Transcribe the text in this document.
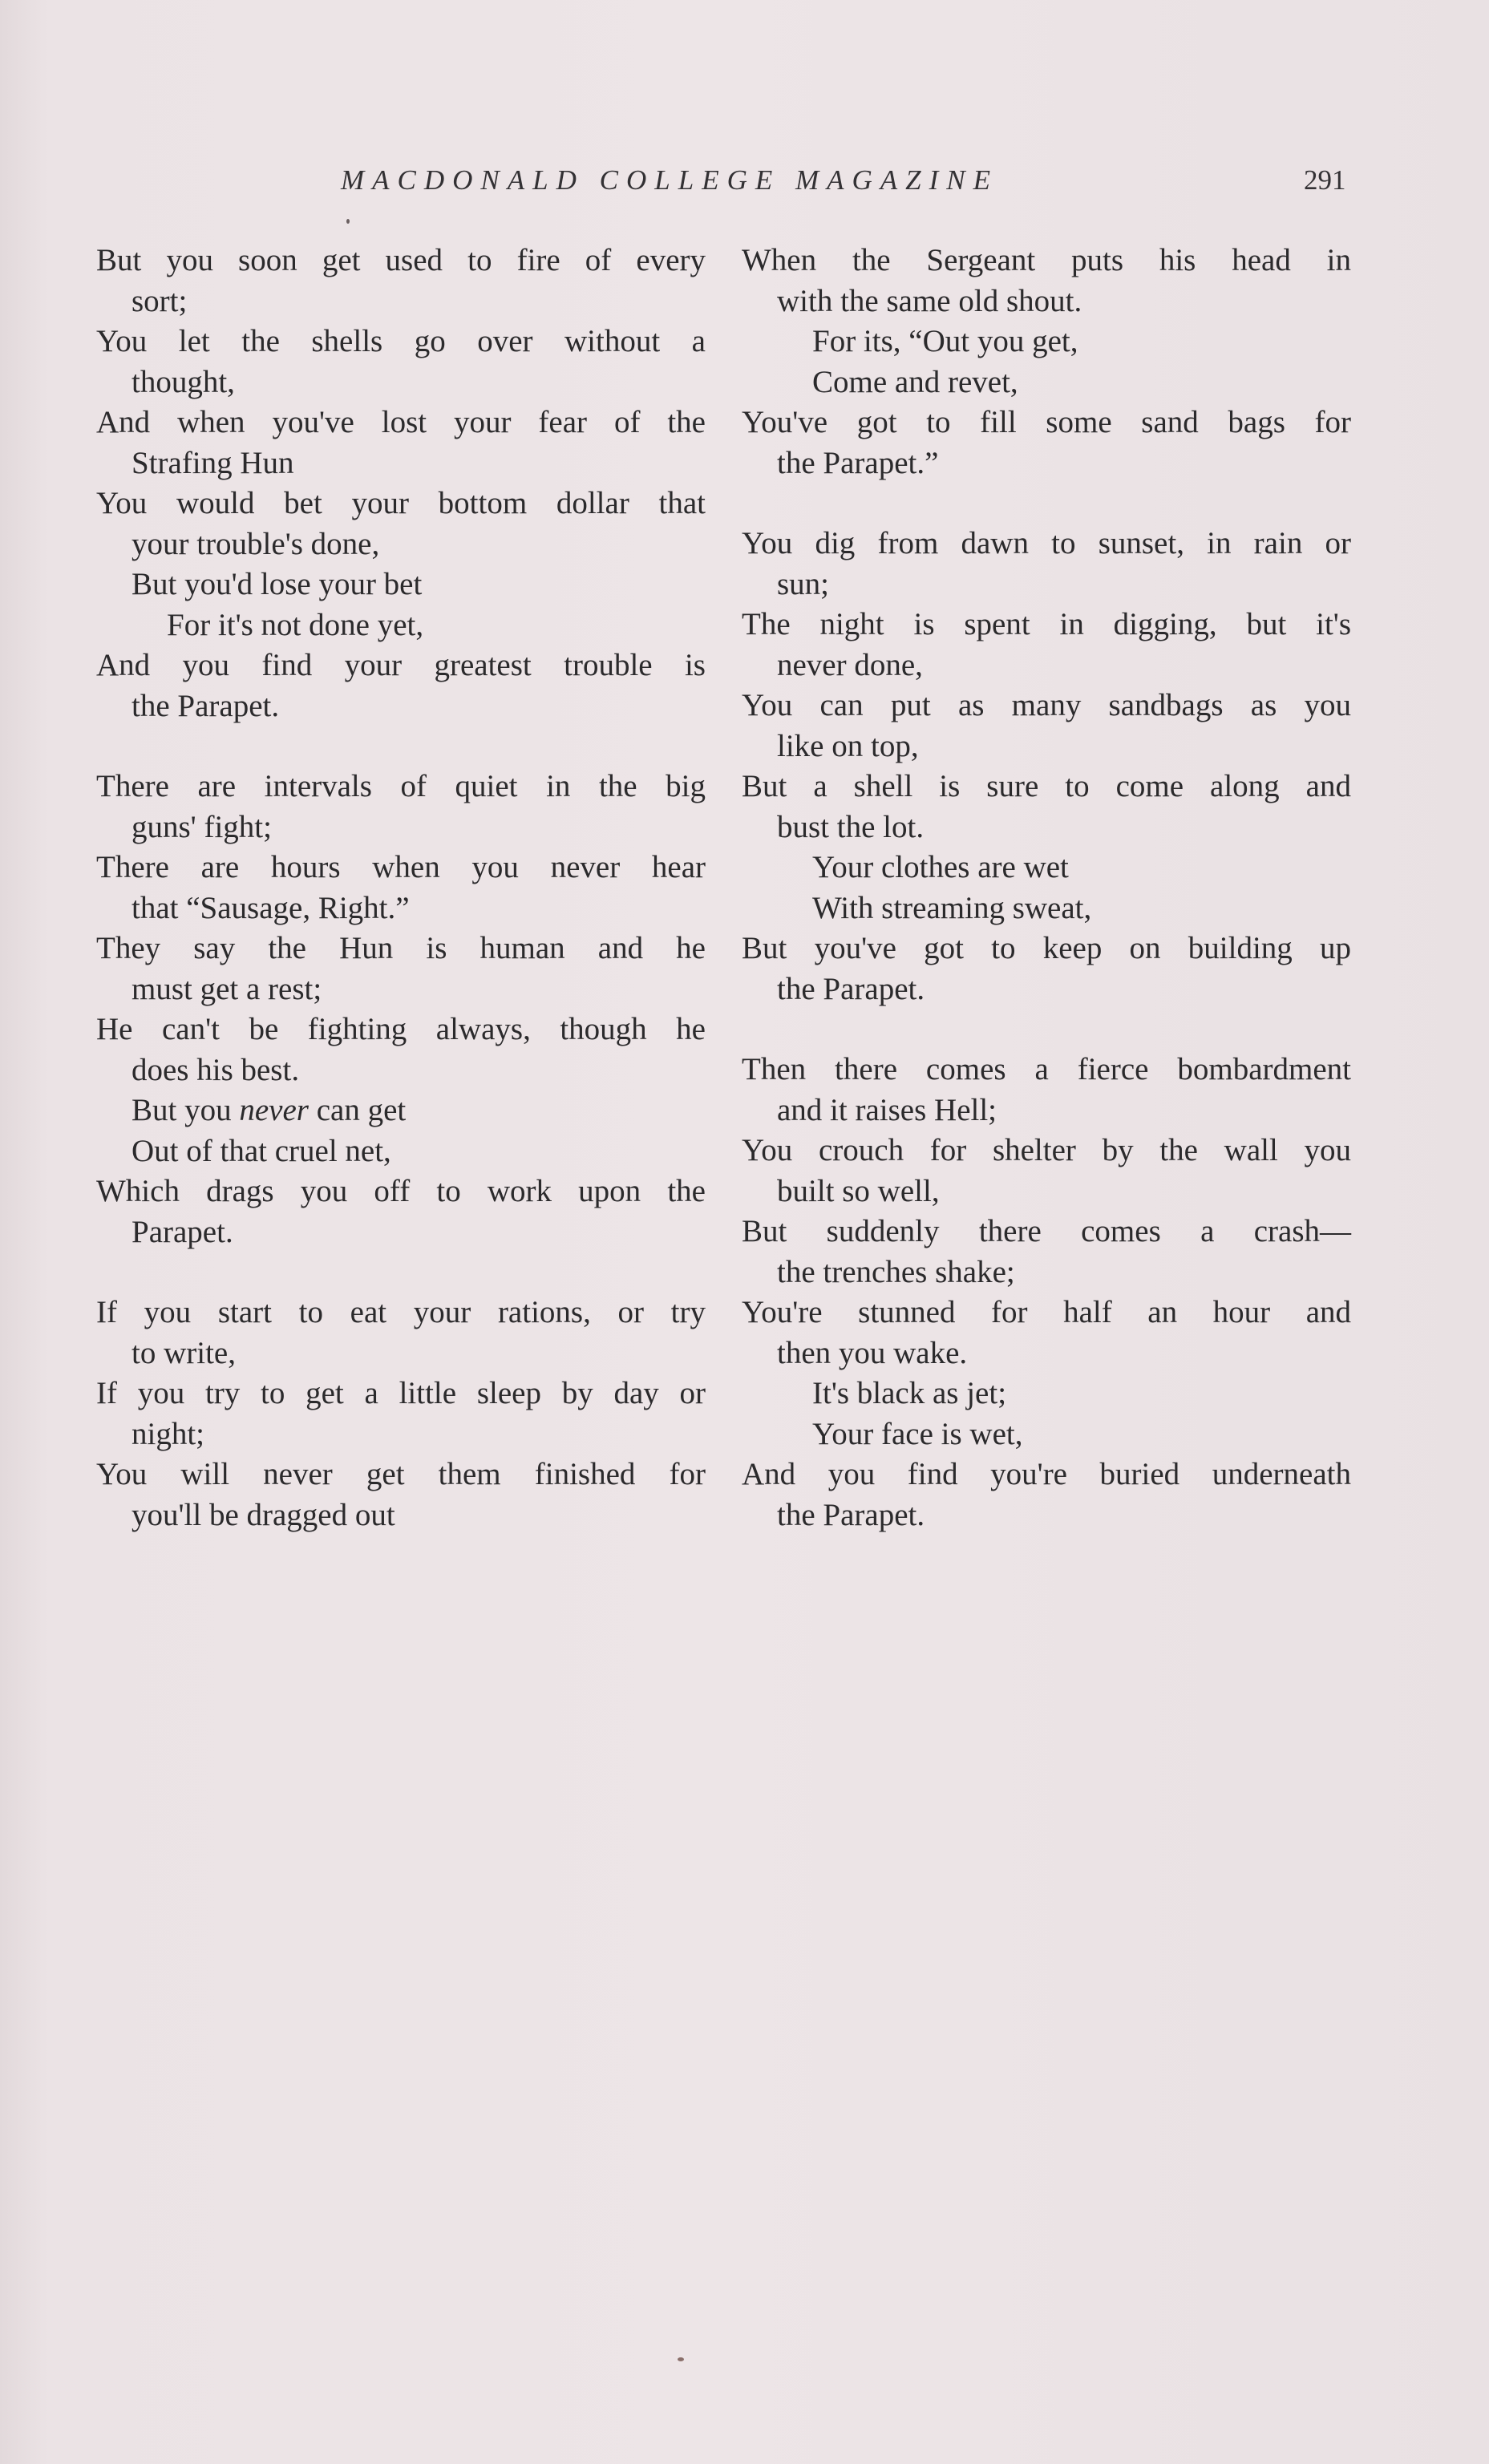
MACDONALD COLLEGE MAGAZINE	291
But you soon get used to fire of every
sort;
You let the shells go over without a
thought,
And when you've lost your fear of the
Strafing Hun
You would bet your bottom dollar that
your trouble's done,
But you'd lose your bet
For it's not done yet,
And you find your greatest trouble is
the Parapet.
There are intervals of quiet in the big
guns' fight;
There are hours when you never hear
that “Sausage, Right.”
They say the Hun is human and he
must get a rest;
He can't be fighting always, though he
does his best.
But you never can get
Out of that cruel net,
Which drags you off to work upon the
Parapet.
If you start to eat your rations, or try
to write,
If you try to get a little sleep by day or
night;
You will never get them finished for
you'll be dragged out
When the Sergeant puts his head in
with the same old shout.
For its, “Out you get,
Come and revet,
You've got to fill some sand bags for
the Parapet.”
You dig from dawn to sunset, in rain or
sun;
The night is spent in digging, but it's
never done,
You can put as many sandbags as you
like on top,
But a shell is sure to come along and
bust the lot.
Your clothes are wet
With streaming sweat,
But you've got to keep on building up
the Parapet.
Then there comes a fierce bombardment
and it raises Hell;
You crouch for shelter by the wall you
built so well,
But suddenly there comes a crash—
the trenches shake;
You're stunned for half an hour and
then you wake.
It's black as jet;
Your face is wet,
And you find you're buried underneath
the Parapet.
